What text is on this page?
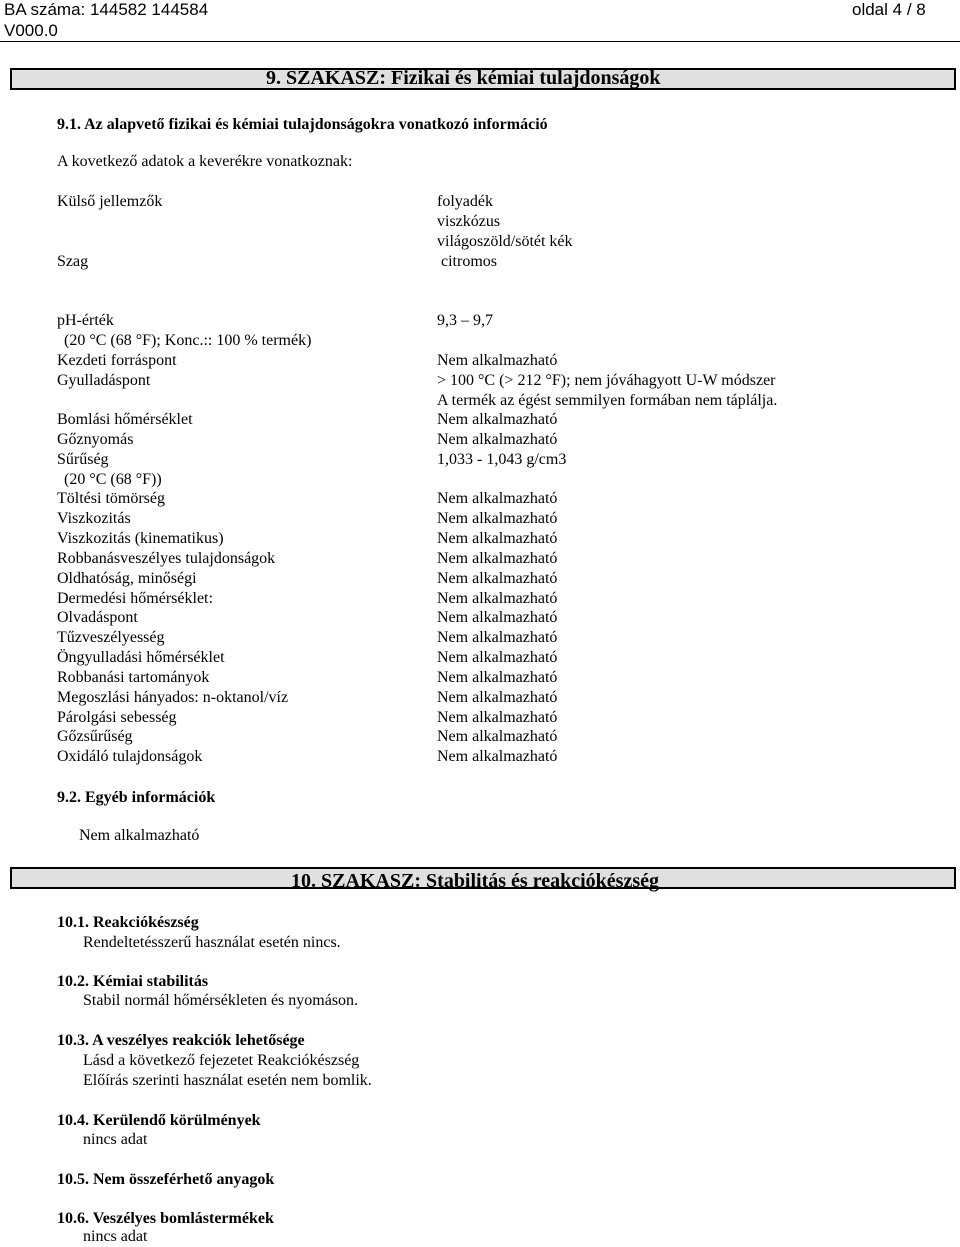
BA száma: 144582 144584
V000.0
oldal 4 / 8
9. SZAKASZ: Fizikai és kémiai tulajdonságok
9.1. Az alapvető fizikai és kémiai tulajdonságokra vonatkozó információ
A kovetkező adatok a keverékre vonatkoznak:
Külső jellemzők	folyadék
viszkózus
világoszöld/sötét kék
Szag	citromos
pH-érték	9,3 – 9,7
(20 °C (68 °F); Konc.:: 100 % termék)
Kezdeti forráspont	Nem alkalmazható
Gyulladáspont	> 100 °C (> 212 °F); nem jóváhagyott U-W módszer
A termék az égést semmilyen formában nem táplálja.
Bomlási hőmérséklet	Nem alkalmazható
Gőznyomás	Nem alkalmazható
Sűrűség	1,033 - 1,043 g/cm3
(20 °C (68 °F))
Töltési tömörség	Nem alkalmazható
Viszkozitás	Nem alkalmazható
Viszkozitás (kinematikus)	Nem alkalmazható
Robbanásveszélyes tulajdonságok	Nem alkalmazható
Oldhatóság, minőségi	Nem alkalmazható
Dermedési hőmérséklet:	Nem alkalmazható
Olvadáspont	Nem alkalmazható
Tűzveszélyesség	Nem alkalmazható
Öngyulladási hőmérséklet	Nem alkalmazható
Robbanási tartományok	Nem alkalmazható
Megoszlási hányados: n-oktanol/víz	Nem alkalmazható
Párolgási sebesség	Nem alkalmazható
Gőzsűrűség	Nem alkalmazható
Oxidáló tulajdonságok	Nem alkalmazható
9.2. Egyéb információk
Nem alkalmazható
10. SZAKASZ: Stabilitás és reakciókészség
10.1. Reakciókészség
Rendeltetésszerű használat esetén nincs.
10.2. Kémiai stabilitás
Stabil normál hőmérsékleten és nyomáson.
10.3. A veszélyes reakciók lehetősége
Lásd a következő fejezetet Reakciókészség
Előírás szerinti használat esetén nem bomlik.
10.4. Kerülendő körülmények
nincs adat
10.5. Nem összeférhető anyagok
10.6. Veszélyes bomlástermékek
nincs adat
